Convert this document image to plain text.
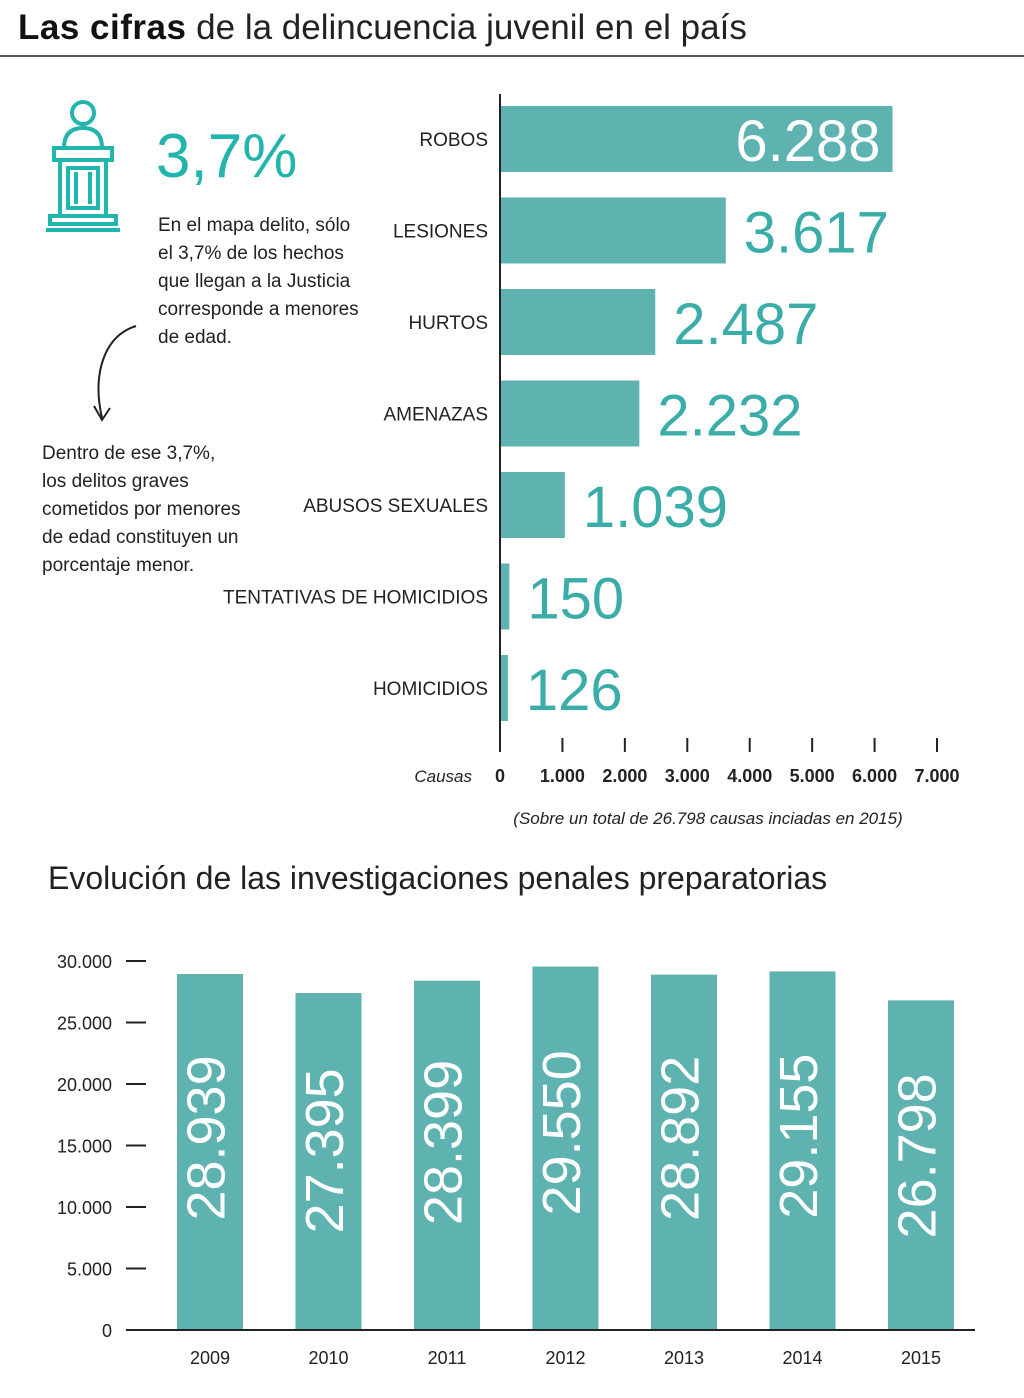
Las cifras de la delincuencia juvenil en el país
3,7%
En el mapa delito, sólo el 3,7% de los hechos que llegan a la Justicia corresponde a menores de edad.
Dentro de ese 3,7%, los delitos graves cometidos por menores de edad constituyen un porcentaje menor.
ROBOS	6.288
LESIONES	3.617
HURTOS	2.487
AMENAZAS	2.232
ABUSOS SEXUALES 1.039
TENTATIVAS DE HOMICIDIOS 150
HOMICIDIOS 126
0 1.000 2.000 3.000 4.000 5.000 6.000 7.000
Causas
(Sobre un total de 26.798 causas inciadas en 2015)
Evolución de las investigaciones penales preparatorias
0
5.000
10.000
15.000
20.000
25.000
30.000
28.939
2009
27.395
2010
28.399
2011
29.550
2012
28.892
2013
29.155
2014
26.798
2015
